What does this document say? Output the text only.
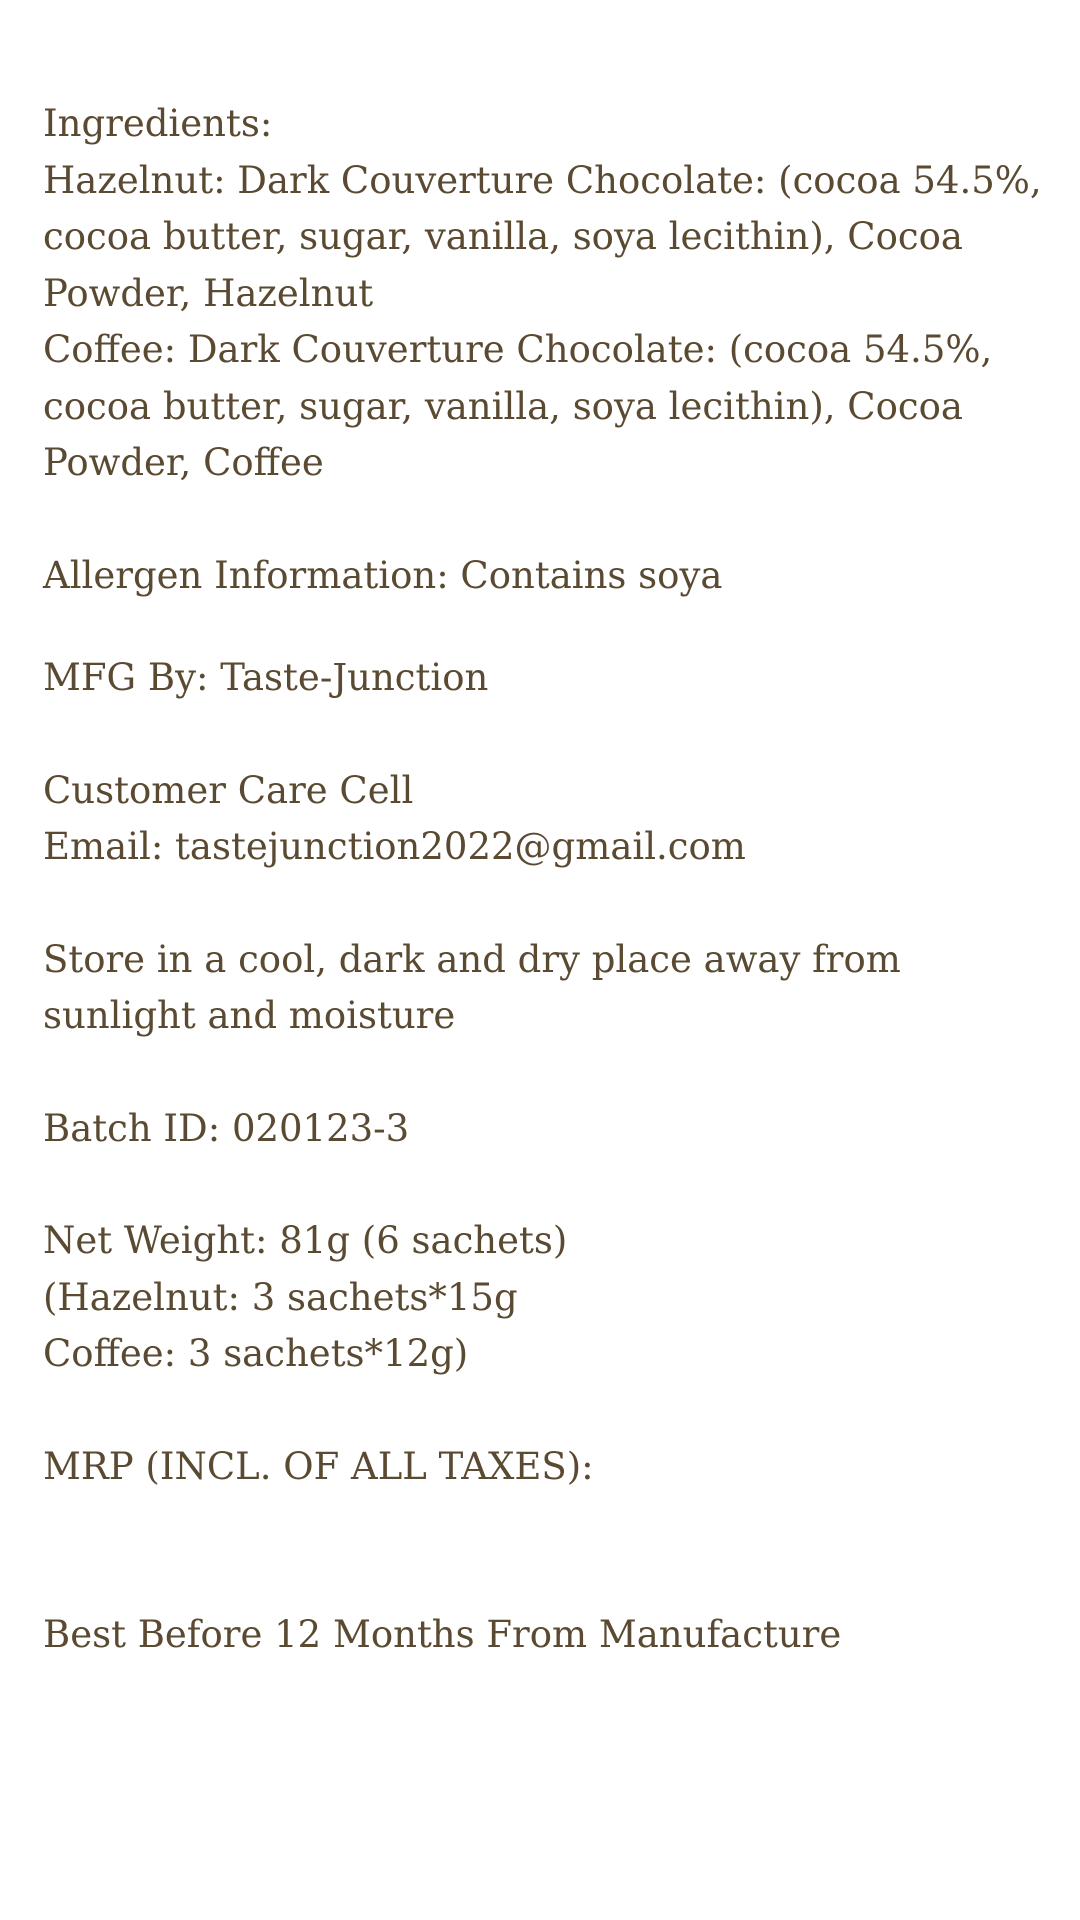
Ingredients:
Hazelnut: Dark Couverture Chocolate: (cocoa 54.5%,
cocoa butter, sugar, vanilla, soya lecithin), Cocoa
Powder, Hazelnut
Coffee: Dark Couverture Chocolate: (cocoa 54.5%,
cocoa butter, sugar, vanilla, soya lecithin), Cocoa
Powder, Coffee
Allergen Information: Contains soya
MFG By: Taste-Junction
Customer Care Cell
Email: tastejunction2022@gmail.com
Store in a cool, dark and dry place away from
sunlight and moisture
Batch ID: 020123-3
Net Weight: 81g (6 sachets)
(Hazelnut: 3 sachets*15g
Coffee: 3 sachets*12g)
MRP (INCL. OF ALL TAXES):
Best Before 12 Months From Manufacture
